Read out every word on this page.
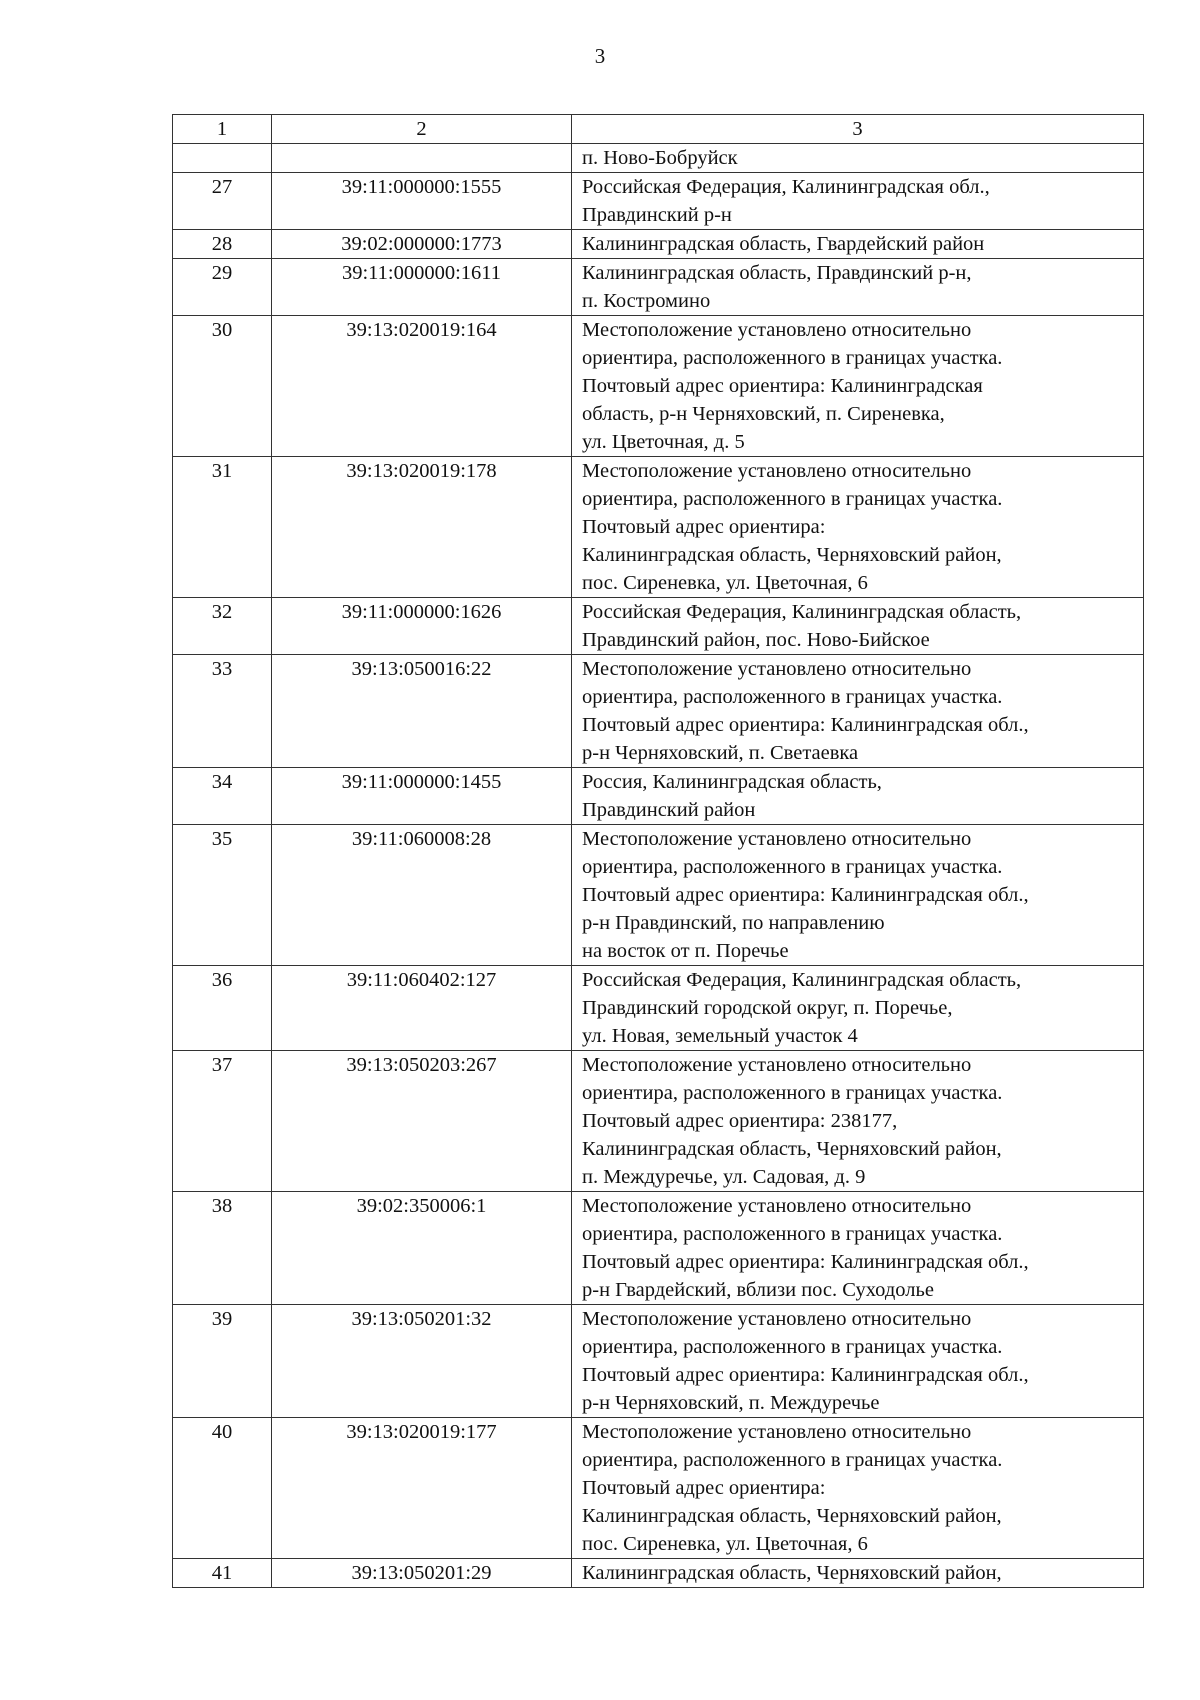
3
1	2	3

		п. Ново-Бобруйск

27	39:11:000000:1555	Российская Федерация, Калининградская обл.,
Правдинский р-н

28	39:02:000000:1773	Калининградская область, Гвардейский район

29	39:11:000000:1611	Калининградская область, Правдинский р-н,
п. Костромино

30	39:13:020019:164	Местоположение установлено относительно
ориентира, расположенного в границах участка.
Почтовый адрес ориентира: Калининградская
область, р-н Черняховский, п. Сиреневка,
ул. Цветочная, д. 5

31	39:13:020019:178	Местоположение установлено относительно
ориентира, расположенного в границах участка.
Почтовый адрес ориентира:
Калининградская область, Черняховский район,
пос. Сиреневка, ул. Цветочная, 6

32	39:11:000000:1626	Российская Федерация, Калининградская область,
Правдинский район, пос. Ново-Бийское

33	39:13:050016:22	Местоположение установлено относительно
ориентира, расположенного в границах участка.
Почтовый адрес ориентира: Калининградская обл.,
р-н Черняховский, п. Светаевка

34	39:11:000000:1455	Россия, Калининградская область,
Правдинский район

35	39:11:060008:28	Местоположение установлено относительно
ориентира, расположенного в границах участка.
Почтовый адрес ориентира: Калининградская обл.,
р-н Правдинский, по направлению
на восток от п. Поречье

36	39:11:060402:127	Российская Федерация, Калининградская область,
Правдинский городской округ, п. Поречье,
ул. Новая, земельный участок 4

37	39:13:050203:267	Местоположение установлено относительно
ориентира, расположенного в границах участка.
Почтовый адрес ориентира: 238177,
Калининградская область, Черняховский район,
п. Междуречье, ул. Садовая, д. 9

38	39:02:350006:1	Местоположение установлено относительно
ориентира, расположенного в границах участка.
Почтовый адрес ориентира: Калининградская обл.,
р-н Гвардейский, вблизи пос. Суходолье

39	39:13:050201:32	Местоположение установлено относительно
ориентира, расположенного в границах участка.
Почтовый адрес ориентира: Калининградская обл.,
р-н Черняховский, п. Междуречье

40	39:13:020019:177	Местоположение установлено относительно
ориентира, расположенного в границах участка.
Почтовый адрес ориентира:
Калининградская область, Черняховский район,
пос. Сиреневка, ул. Цветочная, 6

41	39:13:050201:29	Калининградская область, Черняховский район,
